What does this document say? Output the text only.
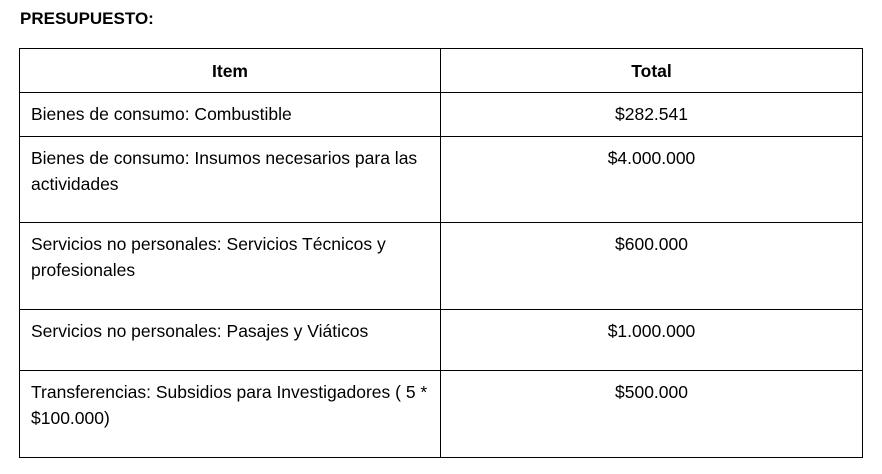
PRESUPUESTO:
Item	Total
Bienes de consumo: Combustible	$282.541
Bienes de consumo: Insumos necesarios para las actividades	$4.000.000
Servicios no personales: Servicios Técnicos y profesionales	$600.000
Servicios no personales: Pasajes y Viáticos	$1.000.000
Transferencias: Subsidios para Investigadores ( 5 * $100.000)	$500.000
